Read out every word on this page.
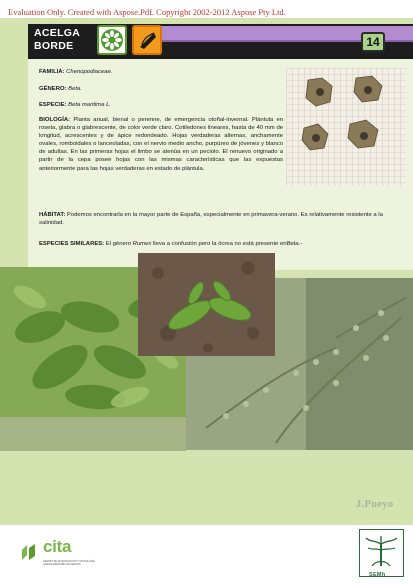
Evaluation Only. Created with Aspose.Pdf. Copyright 2002-2012 Aspose Pty Ltd.
ACELGA
BORDE	14
FAMILIA: Chenopodiaceae.
GÉNERO: Beta.
ESPECIE: Beta maritima L.
BIOLOGÍA: Planta anual, bienal o perenne, de emergencia otoñal-invernal. Plántula en roseta, glabra o glabrescente, de color verde claro. Cotiledones lineares, hasta de 40 mm de longitud, acrescentes y de ápice redondeado. Hojas verdaderas alternas, anchamente ovales, romboidales o lanceoladas, con el nervio medio ancho, purpúreo de jóvenes y blanco de adultas. En las primeras hojas el limbo se atenúa en un peciolo. El renuevo originado a partir de la cepa posee hojas con las mismas características que las expuestas anteriormente para las hojas verdaderas en estado de plántula.
HÁBITAT: Podemos encontrarla en la mayor parte de España, especialmente en primavera-verano. Es relativamente resistente a la salinidad.
ESPECIES SIMILARES: El género Rumex lleva a confusión pero la ócrea no está presente enBeta.-
J.Pueyo
cita
CENTRO DE INVESTIGACIÓN Y TECNOLOGÍA AGROALIMENTARIA DE ARAGÓN
SEMh
